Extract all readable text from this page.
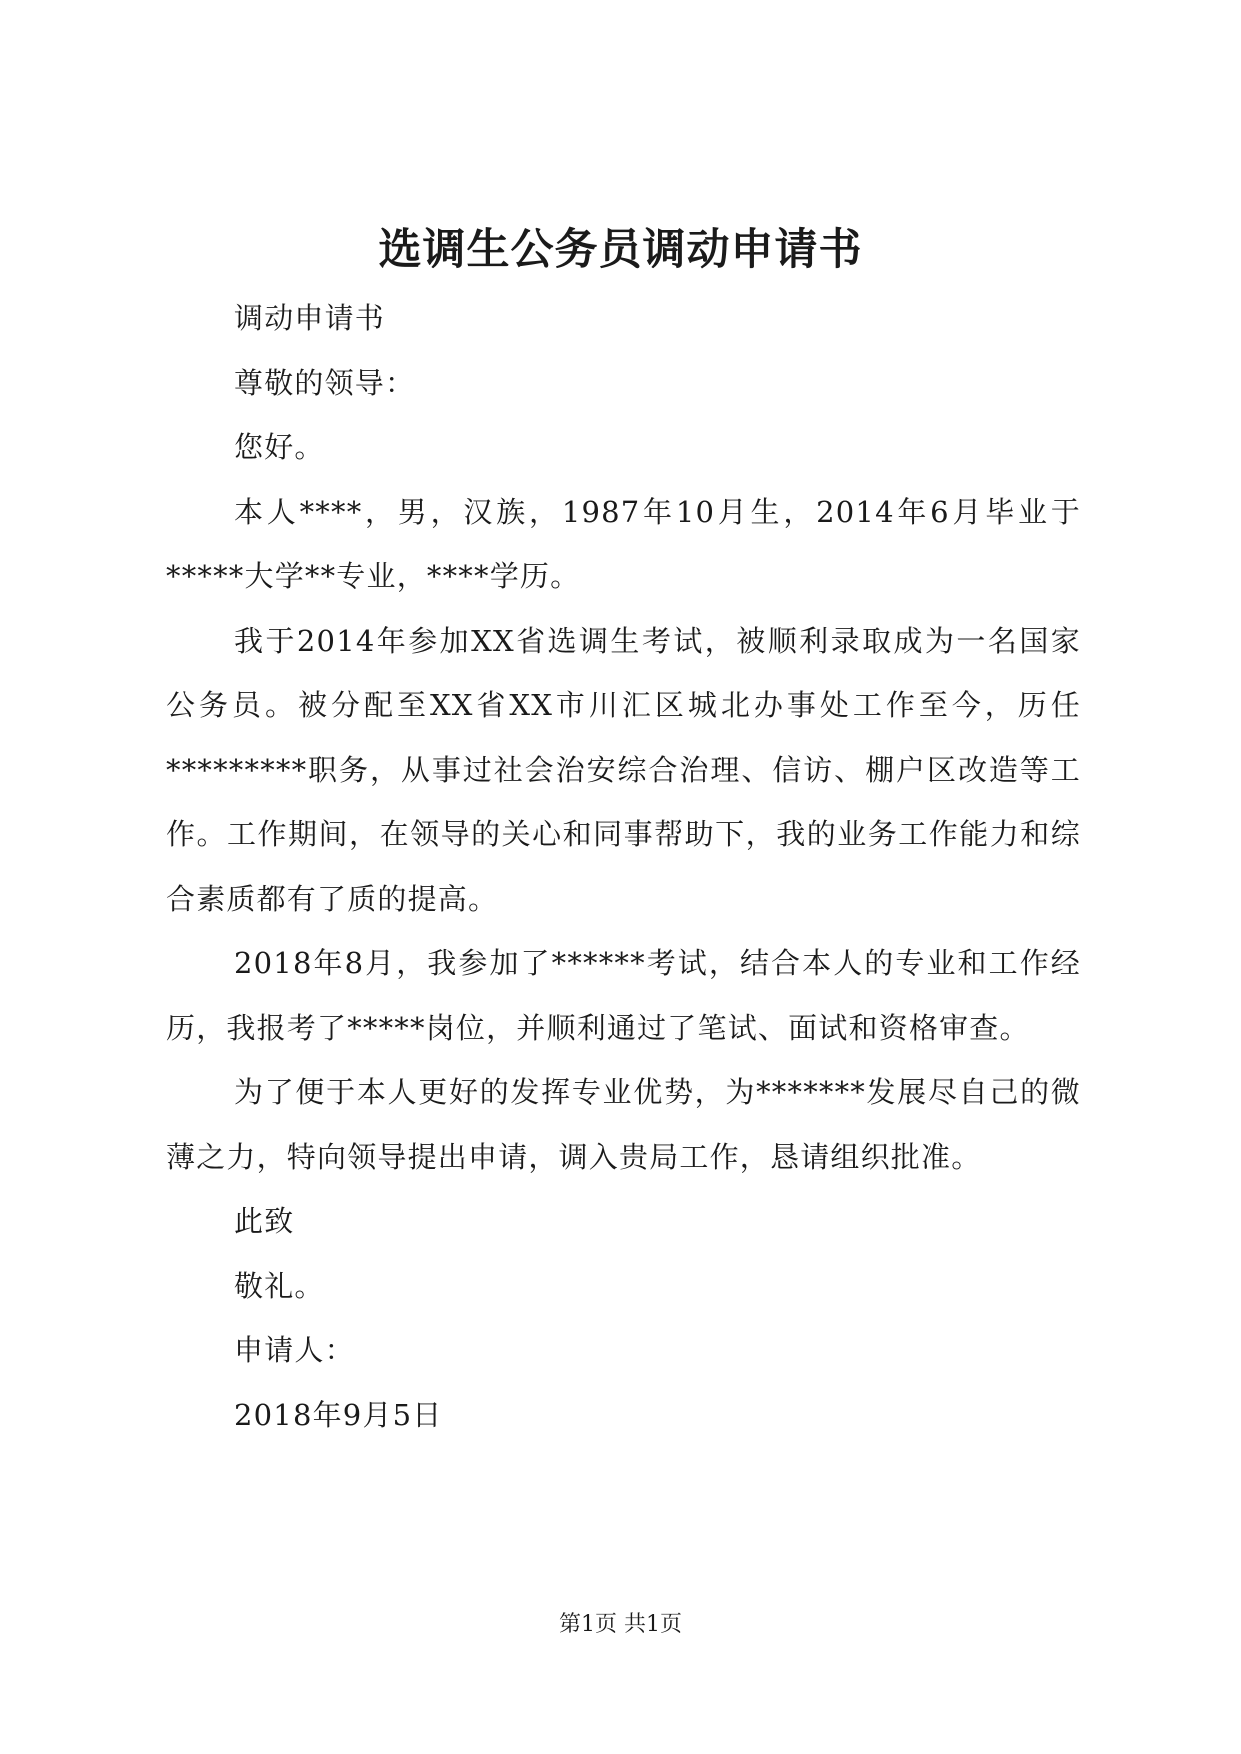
选调生公务员调动申请书

调动申请书

尊敬的领导：

您好。

本人****，男，汉族，1987年10月生，2014年6月毕业于*****大学**专业，****学历。

我于2014年参加XX省选调生考试，被顺利录取成为一名国家公务员。被分配至XX省XX市川汇区城北办事处工作至今，历任*********职务，从事过社会治安综合治理、信访、棚户区改造等工作。工作期间，在领导的关心和同事帮助下，我的业务工作能力和综合素质都有了质的提高。

2018年8月，我参加了******考试，结合本人的专业和工作经历，我报考了*****岗位，并顺利通过了笔试、面试和资格审查。

为了便于本人更好的发挥专业优势，为*******发展尽自己的微薄之力，特向领导提出申请，调入贵局工作，恳请组织批准。

此致

敬礼。

申请人：

2018年9月5日

第1页 共1页
